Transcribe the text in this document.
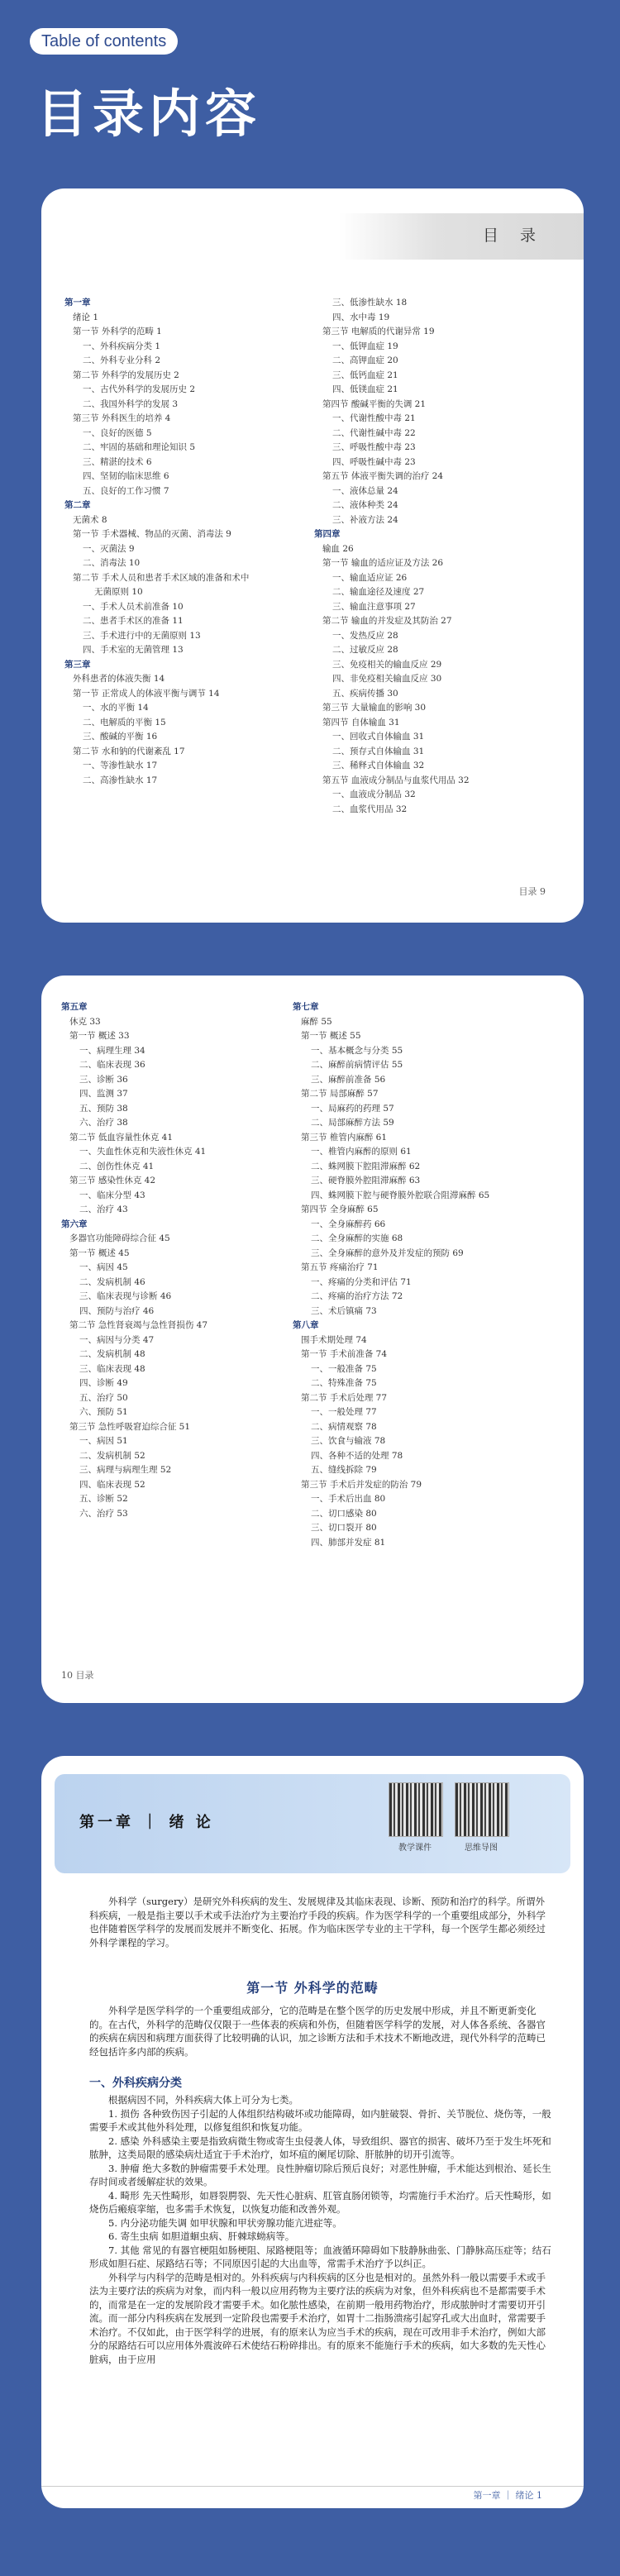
Table of contents
目录内容
目 录
第一章
绪论 1
第一节 外科学的范畴 1
一、外科疾病分类 1
二、外科专业分科 2
第二节 外科学的发展历史 2
一、古代外科学的发展历史 2
二、我国外科学的发展 3
第三节 外科医生的培养 4
一、良好的医德 5
二、牢固的基础和理论知识 5
三、精湛的技术 6
四、坚韧的临床思维 6
五、良好的工作习惯 7
第二章
无菌术 8
第一节 手术器械、物品的灭菌、消毒法 9
一、灭菌法 9
二、消毒法 10
第二节 手术人员和患者手术区域的准备和术中
无菌原则 10
一、手术人员术前准备 10
二、患者手术区的准备 11
三、手术进行中的无菌原则 13
四、手术室的无菌管理 13
第三章
外科患者的体液失衡 14
第一节 正常成人的体液平衡与调节 14
一、水的平衡 14
二、电解质的平衡 15
三、酸碱的平衡 16
第二节 水和钠的代谢紊乱 17
一、等渗性缺水 17
二、高渗性缺水 17
三、低渗性缺水 18
四、水中毒 19
第三节 电解质的代谢异常 19
一、低钾血症 19
二、高钾血症 20
三、低钙血症 21
四、低镁血症 21
第四节 酸碱平衡的失调 21
一、代谢性酸中毒 21
二、代谢性碱中毒 22
三、呼吸性酸中毒 23
四、呼吸性碱中毒 23
第五节 体液平衡失调的治疗 24
一、液体总量 24
二、液体种类 24
三、补液方法 24
第四章
输血 26
第一节 输血的适应证及方法 26
一、输血适应证 26
二、输血途径及速度 27
三、输血注意事项 27
第二节 输血的并发症及其防治 27
一、发热反应 28
二、过敏反应 28
三、免疫相关的输血反应 29
四、非免疫相关输血反应 30
五、疾病传播 30
第三节 大量输血的影响 30
第四节 自体输血 31
一、回收式自体输血 31
二、预存式自体输血 31
三、稀释式自体输血 32
第五节 血液成分制品与血浆代用品 32
一、血液成分制品 32
二、血浆代用品 32
目录 9
第五章
休克 33
第一节 概述 33
一、病理生理 34
二、临床表现 36
三、诊断 36
四、监测 37
五、预防 38
六、治疗 38
第二节 低血容量性休克 41
一、失血性休克和失液性休克 41
二、创伤性休克 41
第三节 感染性休克 42
一、临床分型 43
二、治疗 43
第六章
多器官功能障碍综合征 45
第一节 概述 45
一、病因 45
二、发病机制 46
三、临床表现与诊断 46
四、预防与治疗 46
第二节 急性肾衰竭与急性肾损伤 47
一、病因与分类 47
二、发病机制 48
三、临床表现 48
四、诊断 49
五、治疗 50
六、预防 51
第三节 急性呼吸窘迫综合征 51
一、病因 51
二、发病机制 52
三、病理与病理生理 52
四、临床表现 52
五、诊断 52
六、治疗 53
第七章
麻醉 55
第一节 概述 55
一、基本概念与分类 55
二、麻醉前病情评估 55
三、麻醉前准备 56
第二节 局部麻醉 57
一、局麻药的药理 57
二、局部麻醉方法 59
第三节 椎管内麻醉 61
一、椎管内麻醉的原则 61
二、蛛网膜下腔阻滞麻醉 62
三、硬脊膜外腔阻滞麻醉 63
四、蛛网膜下腔与硬脊膜外腔联合阻滞麻醉 65
第四节 全身麻醉 65
一、全身麻醉药 66
二、全身麻醉的实施 68
三、全身麻醉的意外及并发症的预防 69
第五节 疼痛治疗 71
一、疼痛的分类和评估 71
二、疼痛的治疗方法 72
三、术后镇痛 73
第八章
围手术期处理 74
第一节 手术前准备 74
一、一般准备 75
二、特殊准备 75
第二节 手术后处理 77
一、一般处理 77
二、病情观察 78
三、饮食与输液 78
四、各种不适的处理 78
五、缝线拆除 79
第三节 手术后并发症的防治 79
一、手术后出血 80
二、切口感染 80
三、切口裂开 80
四、肺部并发症 81
10 目录
第一章 ｜ 绪 论
教学课件	思维导图

外科学（surgery）是研究外科疾病的发生、发展规律及其临床表现、诊断、预防和治疗的科学。所谓外科疾病，一般是指主要以手术或手法治疗为主要治疗手段的疾病。作为医学科学的一个重要组成部分，外科学也伴随着医学科学的发展而发展并不断变化、拓展。作为临床医学专业的主干学科，每一个医学生都必须经过外科学课程的学习。

第一节 外科学的范畴

外科学是医学科学的一个重要组成部分，它的范畴是在整个医学的历史发展中形成，并且不断更新变化的。在古代，外科学的范畴仅仅限于一些体表的疾病和外伤，但随着医学科学的发展，对人体各系统、各器官的疾病在病因和病理方面获得了比较明确的认识，加之诊断方法和手术技术不断地改进，现代外科学的范畴已经包括许多内部的疾病。

一、外科疾病分类

根据病因不同，外科疾病大体上可分为七类。

1. 损伤 各种致伤因子引起的人体组织结构破坏或功能障碍，如内脏破裂、骨折、关节脱位、烧伤等，一般需要手术或其他外科处理，以修复组织和恢复功能。

2. 感染 外科感染主要是指致病微生物或寄生虫侵袭人体，导致组织、器官的损害、破坏乃至于发生坏死和脓肿，这类局限的感染病灶适宜于手术治疗，如坏疽的阑尾切除、肝脓肿的切开引流等。

3. 肿瘤 绝大多数的肿瘤需要手术处理。良性肿瘤切除后预后良好；对恶性肿瘤，手术能达到根治、延长生存时间或者缓解症状的效果。

4. 畸形 先天性畸形，如唇裂腭裂、先天性心脏病、肛管直肠闭锁等，均需施行手术治疗。后天性畸形，如烧伤后瘢痕挛缩，也多需手术恢复，以恢复功能和改善外观。

5. 内分泌功能失调 如甲状腺和甲状旁腺功能亢进症等。

6. 寄生虫病 如胆道蛔虫病、肝棘球蚴病等。

7. 其他 常见的有器官梗阻如肠梗阻、尿路梗阻等；血液循环障碍如下肢静脉曲张、门静脉高压症等；结石形成如胆石症、尿路结石等；不同原因引起的大出血等，常需手术治疗予以纠正。

外科学与内科学的范畴是相对的。外科疾病与内科疾病的区分也是相对的。虽然外科一般以需要手术或手法为主要疗法的疾病为对象，而内科一般以应用药物为主要疗法的疾病为对象，但外科疾病也不是都需要手术的，而常是在一定的发展阶段才需要手术。如化脓性感染，在前期一般用药物治疗，形成脓肿时才需要切开引流。而一部分内科疾病在发展到一定阶段也需要手术治疗，如胃十二指肠溃疡引起穿孔或大出血时，常需要手术治疗。不仅如此，由于医学科学的进展，有的原来认为应当手术的疾病，现在可改用非手术治疗，例如大部分的尿路结石可以应用体外震波碎石术使结石粉碎排出。有的原来不能施行手术的疾病，如大多数的先天性心脏病，由于应用

第一章 ｜ 绪论 1
